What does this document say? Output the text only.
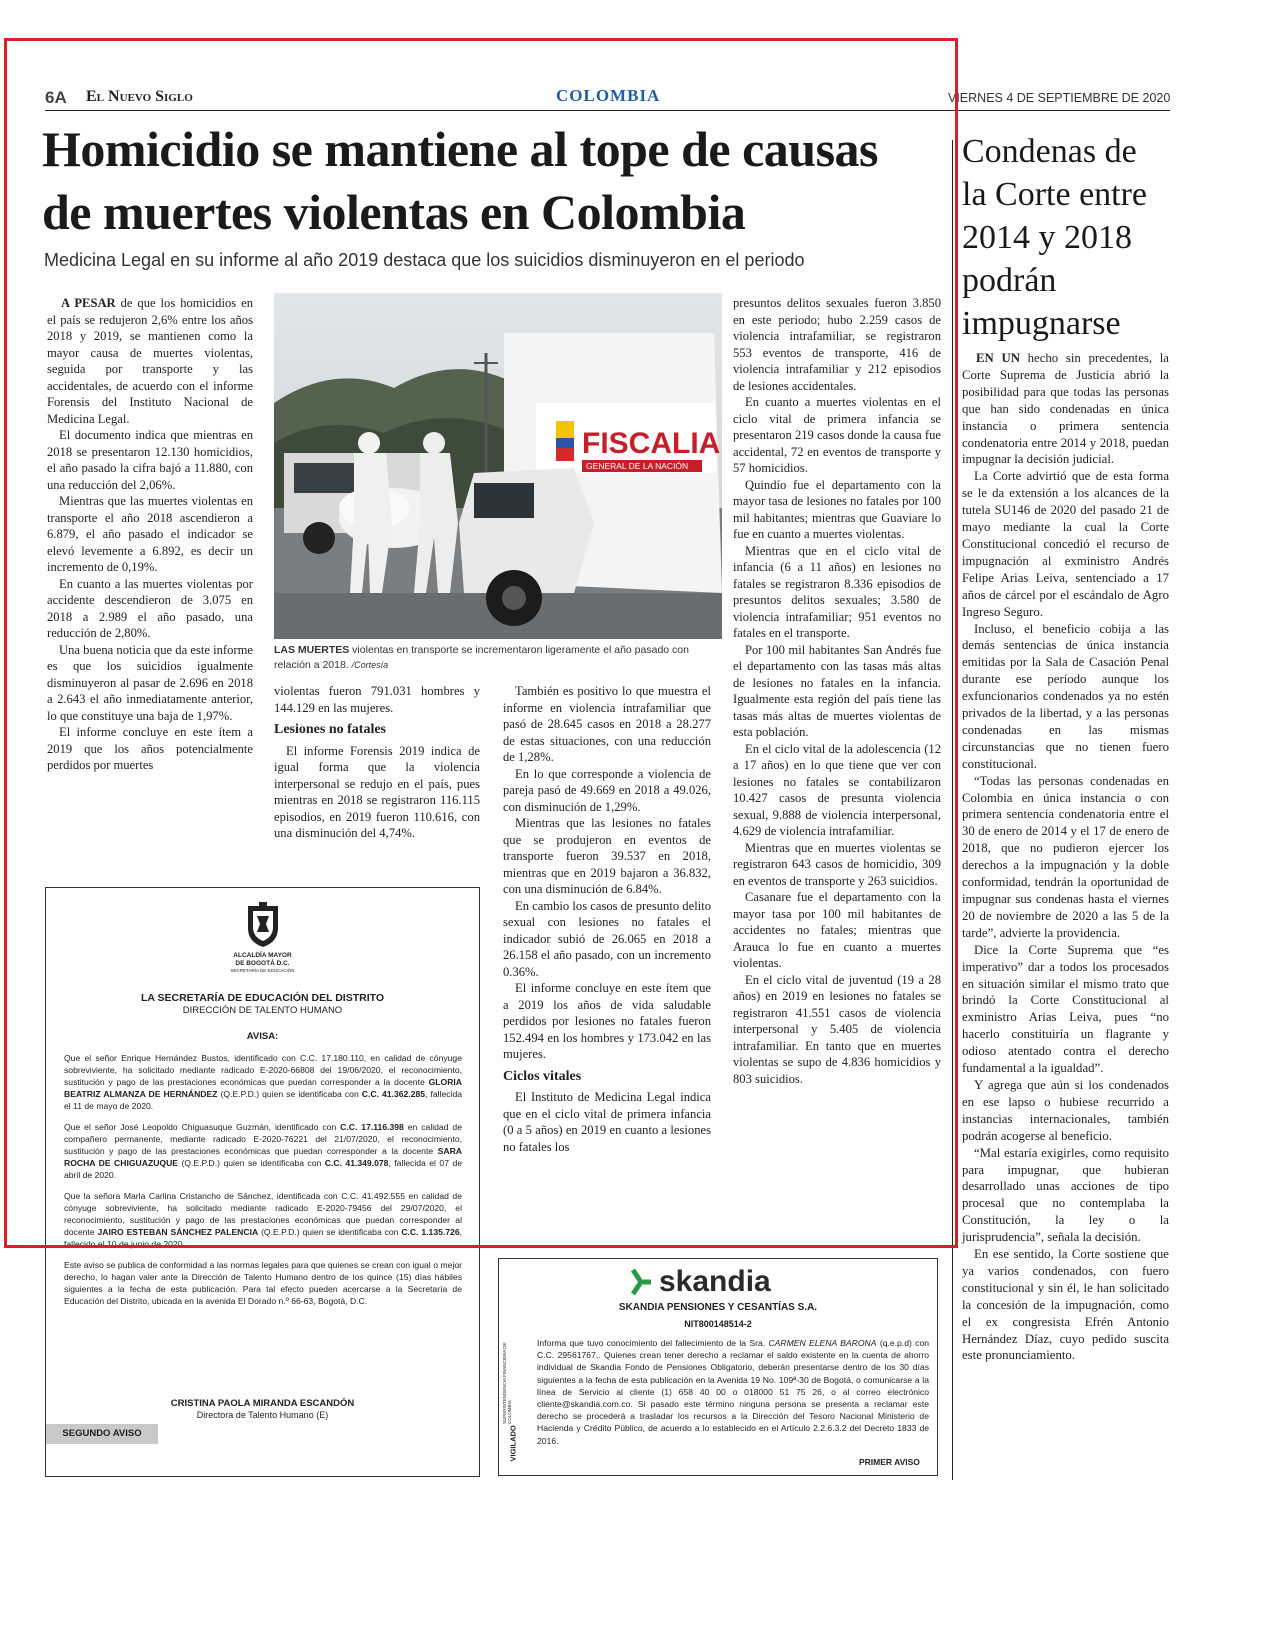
6A El Nuevo Siglo	COLOMBIA	VIERNES 4 DE SEPTIEMBRE DE 2020
Homicidio se mantiene al tope de causas
de muertes violentas en Colombia
Medicina Legal en su informe al año 2019 destaca que los suicidios disminuyeron en el periodo
FISCALIA
GENERAL DE LA NACIÓN
LAS MUERTES violentas en transporte se incrementaron ligeramente el año pasado con relación a 2018. /Cortesía

A PESAR de que los homicidios en el país se redujeron 2,6% entre los años 2018 y 2019, se mantienen como la mayor causa de muertes violentas, seguida por transporte y las accidentales, de acuerdo con el informe Forensis del Instituto Nacional de Medicina Legal.

El documento indica que mientras en 2018 se presentaron 12.130 homicidios, el año pasado la cifra bajó a 11.880, con una reducción del 2,06%.

Mientras que las muertes violentas en transporte el año 2018 ascendieron a 6.879, el año pasado el indicador se elevó levemente a 6.892, es decir un incremento de 0,19%.

En cuanto a las muertes violentas por accidente descendieron de 3.075 en 2018 a 2.989 el año pasado, una reducción de 2,80%.

Una buena noticia que da este informe es que los suicidios igualmente disminuyeron al pasar de 2.696 en 2018 a 2.643 el año inmediatamente anterior, lo que constituye una baja de 1,97%.

El informe concluye en este ítem a 2019 que los años potencialmente perdidos por muertes

violentas fueron 791.031 hombres y 144.129 en las mujeres.

Lesiones no fatales

El informe Forensis 2019 indica de igual forma que la violencia interpersonal se redujo en el país, pues mientras en 2018 se registraron 116.115 episodios, en 2019 fueron 110.616, con una disminución del 4,74%.

También es positivo lo que muestra el informe en violencia intrafamiliar que pasó de 28.645 casos en 2018 a 28.277 de estas situaciones, con una reducción de 1,28%.

En lo que corresponde a violencia de pareja pasó de 49.669 en 2018 a 49.026, con disminución de 1,29%.

Mientras que las lesiones no fatales que se produjeron en eventos de transporte fueron 39.537 en 2018, mientras que en 2019 bajaron a 36.832, con una disminución de 6.84%.

En cambio los casos de presunto delito sexual con lesiones no fatales el indicador subió de 26.065 en 2018 a 26.158 el año pasado, con un incremento 0.36%.

El informe concluye en este ítem que a 2019 los años de vida saludable perdidos por lesiones no fatales fueron 152.494 en los hombres y 173.042 en las mujeres.

Ciclos vitales

El Instituto de Medicina Legal indica que en el ciclo vital de primera infancia (0 a 5 años) en 2019 en cuanto a lesiones no fatales los

presuntos delitos sexuales fueron 3.850 en este periodo; hubo 2.259 casos de violencia intrafamiliar, se registraron 553 eventos de transporte, 416 de violencia intrafamiliar y 212 episodios de lesiones accidentales.

En cuanto a muertes violentas en el ciclo vital de primera infancia se presentaron 219 casos donde la causa fue accidental, 72 en eventos de transporte y 57 homicidios.

Quindío fue el departamento con la mayor tasa de lesiones no fatales por 100 mil habitantes; mientras que Guaviare lo fue en cuanto a muertes violentas.

Mientras que en el ciclo vital de infancia (6 a 11 años) en lesiones no fatales se registraron 8.336 episodios de presuntos delitos sexuales; 3.580 de violencia intrafamiliar; 951 eventos no fatales en el transporte.

Por 100 mil habitantes San Andrés fue el departamento con las tasas más altas de lesiones no fatales en la infancia. Igualmente esta región del país tiene las tasas más altas de muertes violentas de esta población.

En el ciclo vital de la adolescencia (12 a 17 años) en lo que tiene que ver con lesiones no fatales se contabilizaron 10.427 casos de presunta violencia sexual, 9.888 de violencia interpersonal, 4.629 de violencia intrafamiliar.

Mientras que en muertes violentas se registraron 643 casos de homicidio, 309 en eventos de transporte y 263 suicidios.

Casanare fue el departamento con la mayor tasa por 100 mil habitantes de accidentes no fatales; mientras que Arauca lo fue en cuanto a muertes violentas.

En el ciclo vital de juventud (19 a 28 años) en 2019 en lesiones no fatales se registraron 41.551 casos de violencia interpersonal y 5.405 de violencia intrafamiliar. En tanto que en muertes violentas se supo de 4.836 homicidios y 803 suicidios.

Condenas de la Corte entre 2014 y 2018 podrán impugnarse

EN UN hecho sin precedentes, la Corte Suprema de Justicia abrió la posibilidad para que todas las personas que han sido condenadas en única instancia o primera sentencia condenatoria entre 2014 y 2018, puedan impugnar la decisión judicial.

La Corte advirtió que de esta forma se le da extensión a los alcances de la tutela SU146 de 2020 del pasado 21 de mayo mediante la cual la Corte Constitucional concedió el recurso de impugnación al exministro Andrés Felipe Arias Leiva, sentenciado a 17 años de cárcel por el escándalo de Agro Ingreso Seguro.

Incluso, el beneficio cobija a las demás sentencias de única instancia emitidas por la Sala de Casación Penal durante ese período aunque los exfuncionarios condenados ya no estén privados de la libertad, y a las personas condenadas en las mismas circunstancias que no tienen fuero constitucional.

“Todas las personas condenadas en Colombia en única instancia o con primera sentencia condenatoria entre el 30 de enero de 2014 y el 17 de enero de 2018, que no pudieron ejercer los derechos a la impugnación y la doble conformidad, tendrán la oportunidad de impugnar sus condenas hasta el viernes 20 de noviembre de 2020 a las 5 de la tarde”, advierte la providencia.

Dice la Corte Suprema que “es imperativo” dar a todos los procesados en situación similar el mismo trato que brindó la Corte Constitucional al exministro Arias Leiva, pues “no hacerlo constituiría un flagrante y odioso atentado contra el derecho fundamental a la igualdad”.

Y agrega que aún si los condenados en ese lapso o hubiese recurrido a instancias internacionales, también podrán acogerse al beneficio.

“Mal estaría exigirles, como requisito para impugnar, que hubieran desarrollado unas acciones de tipo procesal que no contemplaba la Constitución, la ley o la jurisprudencia”, señala la decisión.

En ese sentido, la Corte sostiene que ya varios condenados, con fuero constitucional y sin él, le han solicitado la concesión de la impugnación, como el ex congresista Efrén Antonio Hernández Díaz, cuyo pedido suscita este pronunciamiento.

ALCALDÍA MAYOR
DE BOGOTÁ D.C.
SECRETARÍA DE EDUCACIÓN
LA SECRETARÍA DE EDUCACIÓN DEL DISTRITO
DIRECCIÓN DE TALENTO HUMANO
AVISA:

Que el señor Enrique Hernández Bustos, identificado con C.C. 17.180.110, en calidad de cónyuge sobreviviente, ha solicitado mediante radicado E-2020-66808 del 19/06/2020, el reconocimiento, sustitución y pago de las prestaciones económicas que puedan corresponder a la docente GLORIA BEATRIZ ALMANZA DE HERNÁNDEZ (Q.E.P.D.) quien se identificaba con C.C. 41.362.285, fallecida el 11 de mayo de 2020.

Que el señor José Leopoldo Chiguasuque Guzmán, identificado con C.C. 17.116.398 en calidad de compañero permanente, mediante radicado E-2020-76221 del 21/07/2020, el reconocimiento, sustitución y pago de las prestaciones económicas que puedan corresponder a la docente SARA ROCHA DE CHIGUAZUQUE (Q.E.P.D.) quien se identificaba con C.C. 41.349.078, fallecida el 07 de abril de 2020.

Que la señora Marla Carlina Cristancho de Sánchez, identificada con C.C. 41.492.555 en calidad de cónyuge sobreviviente, ha solicitado mediante radicado E-2020-79456 del 29/07/2020, el reconocimiento, sustitución y pago de las prestaciones económicas que puedan corresponder al docente JAIRO ESTEBAN SÁNCHEZ PALENCIA (Q.E.P.D.) quien se identificaba con C.C. 1.135.726, fallecido el 10 de junio de 2020.

Este aviso se publica de conformidad a las normas legales para que quienes se crean con igual o mejor derecho, lo hagan valer ante la Dirección de Talento Humano dentro de los quince (15) días hábiles siguientes a la fecha de esta publicación. Para tal efecto pueden acercarse a la Secretaría de Educación del Distrito, ubicada en la avenida El Dorado n.º 66-63, Bogotá, D.C.

CRISTINA PAOLA MIRANDA ESCANDÓN
Directora de Talento Humano (E)
SEGUNDO AVISO
skandia
SKANDIA PENSIONES Y CESANTÍAS S.A.
NIT800148514-2
VIGILADO
SUPERINTENDENCIA FINANCIERA DE COLOMBIA
Informa que tuvo conocimiento del fallecimiento de la Sra. CARMEN ELENA BARONA (q.e.p.d) con C.C. 29561767,. Quienes crean tener derecho a reclamar el saldo existente en la cuenta de ahorro individual de Skandia Fondo de Pensiones Obligatorio, deberán presentarse dentro de los 30 días siguientes a la fecha de esta publicación en la Avenida 19 No. 109ª-30 de Bogotá, o comunicarse a la línea de Servicio al cliente (1) 658 40 00 o 018000 51 75 26, o al correo electrónico cliente@skandia.com.co. Si pasado este término ninguna persona se presenta a reclamar este derecho se procederá a trasladar los recursos a la Dirección del Tesoro Nacional Ministerio de Hacienda y Crédito Público, de acuerdo a lo establecido en el Artículo 2.2.6.3.2 del Decreto 1833 de 2016.
PRIMER AVISO
